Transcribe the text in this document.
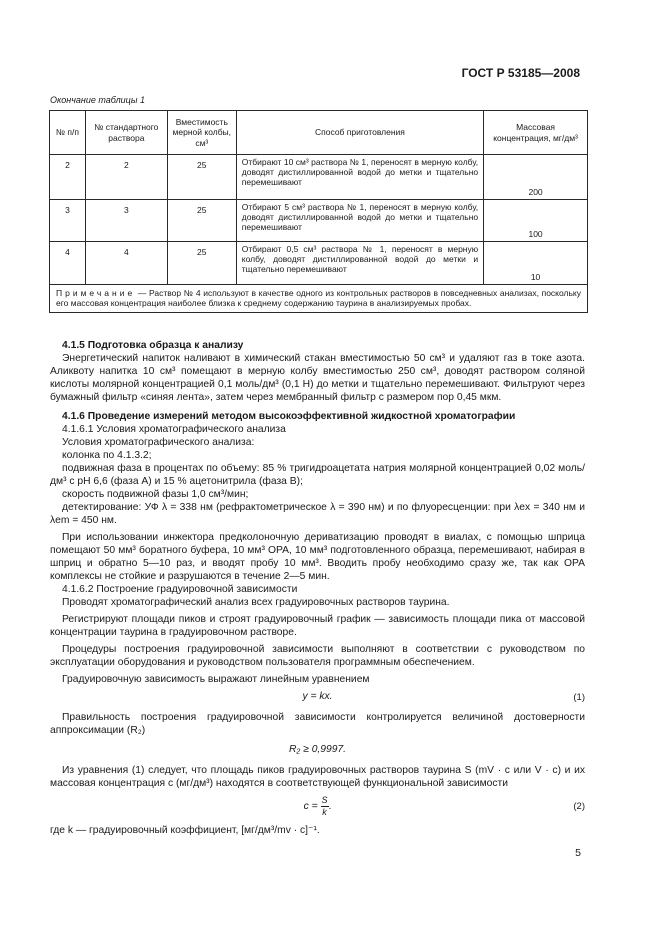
ГОСТ Р 53185—2008
Окончание таблицы 1
№ п/п	№ стандартного раствора	Вместимость мерной колбы, см³	Способ приготовления	Массовая концентрация, мг/дм³
2	2	25	Отбирают 10 см³ раствора № 1, переносят в мерную колбу, доводят дистиллированной водой до метки и тщательно перемешивают	200
3	3	25	Отбирают 5 см³ раствора № 1, переносят в мерную колбу, доводят дистиллированной водой до метки и тщательно перемешивают	100
4	4	25	Отбирают 0,5 см³ раствора № 1, переносят в мерную колбу, доводят дистиллированной водой до метки и тщательно перемешивают	10
Примечание — Раствор № 4 используют в качестве одного из контрольных растворов в повседневных анализах, поскольку его массовая концентрация наиболее близка к среднему содержанию таурина в анализируемых пробах.				

4.1.5 Подготовка образца к анализу

Энергетический напиток наливают в химический стакан вместимостью 50 см³ и удаляют газ в токе азота. Аликвоту напитка 10 см³ помещают в мерную колбу вместимостью 250 см³, доводят раствором соляной кислоты молярной концентрацией 0,1 моль/дм³ (0,1 Н) до метки и тщательно перемешивают. Фильтруют через бумажный фильтр «синяя лента», затем через мембранный фильтр с размером пор 0,45 мкм.

4.1.6 Проведение измерений методом высокоэффективной жидкостной хроматографии

4.1.6.1 Условия хроматографического анализа

Условия хроматографического анализа:

колонка по 4.1.3.2;

подвижная фаза в процентах по объему: 85 % тригидроацетата натрия молярной концентрацией 0,02 моль/дм³ с pH 6,6 (фаза А) и 15 % ацетонитрила (фаза В);

скорость подвижной фазы 1,0 см³/мин;

детектирование: УФ λ = 338 нм (рефрактометрическое λ = 390 нм) и по флуоресценции: при λex = 340 нм и λem = 450 нм.

При использовании инжектора предколоночную дериватизацию проводят в виалах, с помощью шприца помещают 50 мм³ боратного буфера, 10 мм³ OPA, 10 мм³ подготовленного образца, перемешивают, набирая в шприц и обратно 5—10 раз, и вводят пробу 10 мм³. Вводить пробу необходимо сразу же, так как OPA комплексы не стойкие и разрушаются в течение 2—5 мин.

4.1.6.2 Построение градуировочной зависимости

Проводят хроматографический анализ всех градуировочных растворов таурина.

Регистрируют площади пиков и строят градуировочный график — зависимость площади пика от массовой концентрации таурина в градуировочном растворе.

Процедуры построения градуировочной зависимости выполняют в соответствии с руководством по эксплуатации оборудования и руководством пользователя программным обеспечением.

Градуировочную зависимость выражают линейным уравнением

y = kx.	(1)

Правильность построения градуировочной зависимости контролируется величиной достоверности аппроксимации (R₂)

R₂ ≥ 0,9997.

Из уравнения (1) следует, что площадь пиков градуировочных растворов таурина S (mV · c или V · c) и их массовая концентрация c (мг/дм³) находятся в соответствующей функциональной зависимости

$c = \frac{S}{k}$ .	(2)

где k — градуировочный коэффициент, [мг/дм³/mv · c]⁻¹.

5
